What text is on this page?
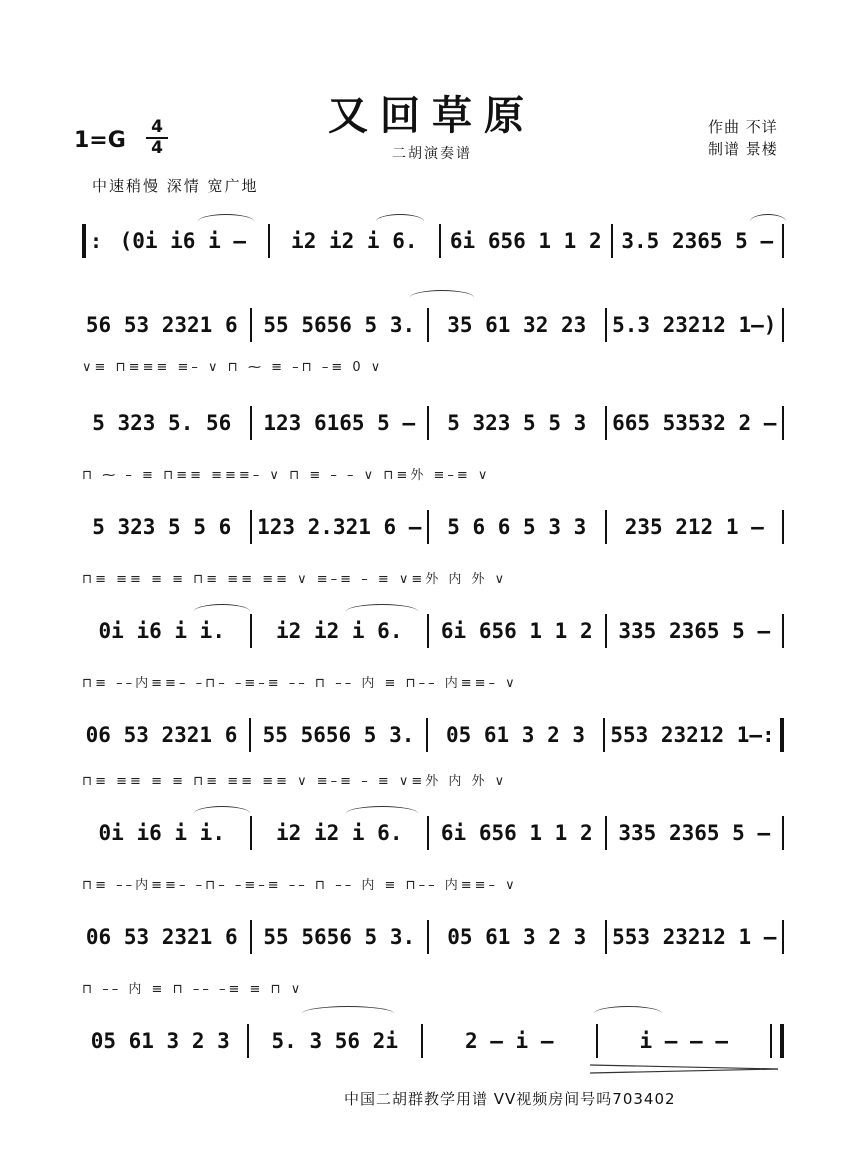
又回草原
二胡演奏谱
1=G
4
4
作曲 不详
制谱 景楼
中速稍慢 深情 宽广地
: (0i i6 i –	i2 i2 i 6.	6i 656 1 1 2 3.5 2365 5 –
56 53 2321 6	55 5656 5 3.	35 61 32 23	5.3 23212 1–)
∨≡ ⊓≡≡≡ ≡– ∨ ⊓ ⁓ ≡ –⊓ –≡ 0 ∨
5 323 5. 56	123 6165 5 –	5 323 5 5 3	665 53532 2 –
⊓ ⁓ – ≡ ⊓≡≡ ≡≡≡– ∨ ⊓ ≡ – – ∨ ⊓≡外 ≡–≡ ∨
5 323 5 5 6	123 2.321 6 –	5 6 6 5 3 3	235 212 1 –
⊓≡ ≡≡ ≡ ≡ ⊓≡ ≡≡ ≡≡ ∨ ≡–≡ – ≡ ∨≡外 内 外 ∨
0i i6 i i.	i2 i2 i 6.	6i 656 1 1 2	335 2365 5 –
⊓≡ ––内≡≡– –⊓– –≡–≡ –– ⊓ –– 内 ≡ ⊓–– 内≡≡– ∨
06 53 2321 6	55 5656 5 3.	05 61 3 2 3	553 23212 1–:
⊓≡ ≡≡ ≡ ≡ ⊓≡ ≡≡ ≡≡ ∨ ≡–≡ – ≡ ∨≡外 内 外 ∨
0i i6 i i.	i2 i2 i 6.	6i 656 1 1 2	335 2365 5 –
⊓≡ ––内≡≡– –⊓– –≡–≡ –– ⊓ –– 内 ≡ ⊓–– 内≡≡– ∨
06 53 2321 6	55 5656 5 3.	05 61 3 2 3	553 23212 1 –
⊓ –– 内 ≡ ⊓ –– –≡ ≡ ⊓ ∨
05 61 3 2 3	5. 3 56 2i	2 – i –	i – – –
中国二胡群教学用谱 VV视频房间号吗703402
